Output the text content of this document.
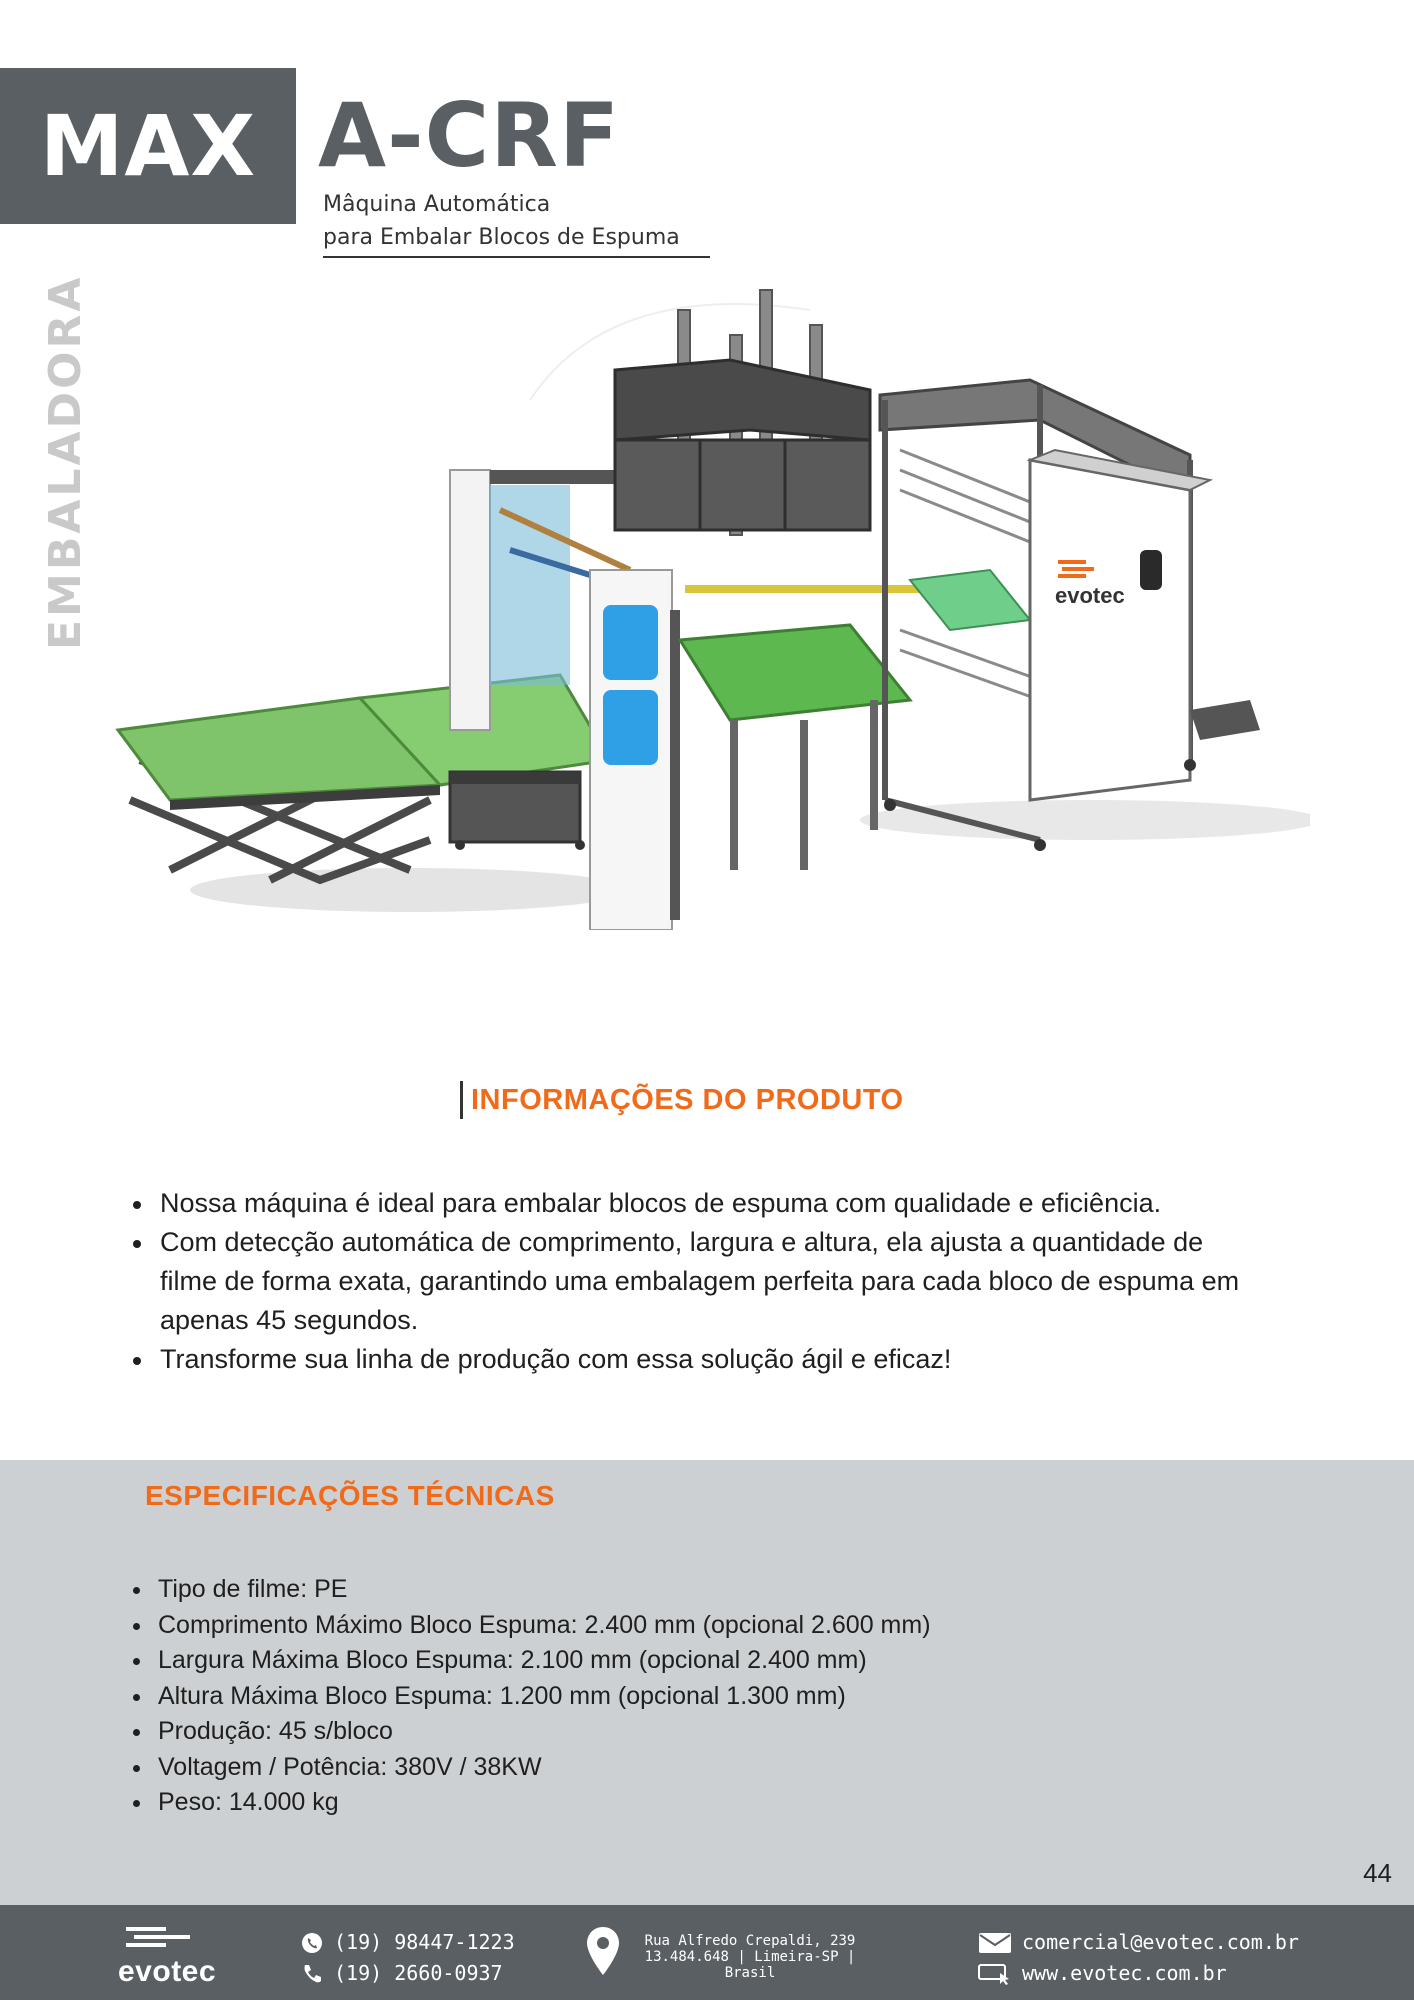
MAX A-CRF
Mâquina Automática
para Embalar Blocos de Espuma
EMBALADORA	evotec
INFORMAÇÕES DO PRODUTO
Nossa máquina é ideal para embalar blocos de espuma com qualidade e eficiência.
Com detecção automática de comprimento, largura e altura, ela ajusta a quantidade de filme de forma exata, garantindo uma embalagem perfeita para cada bloco de espuma em apenas 45 segundos.
Transforme sua linha de produção com essa solução ágil e eficaz!
ESPECIFICAÇÕES TÉCNICAS
Tipo de filme: PE
Comprimento Máximo Bloco Espuma: 2.400 mm (opcional 2.600 mm)
Largura Máxima Bloco Espuma: 2.100 mm (opcional 2.400 mm)
Altura Máxima Bloco Espuma: 1.200 mm (opcional 1.300 mm)
Produção: 45 s/bloco
Voltagem / Potência: 380V / 38KW
Peso: 14.000 kg
44
evotec
(19) 98447-1223
(19) 2660-0937
Rua Alfredo Crepaldi, 239
13.484.648 | Limeira-SP |
Brasil
comercial@evotec.com.br
www.evotec.com.br
